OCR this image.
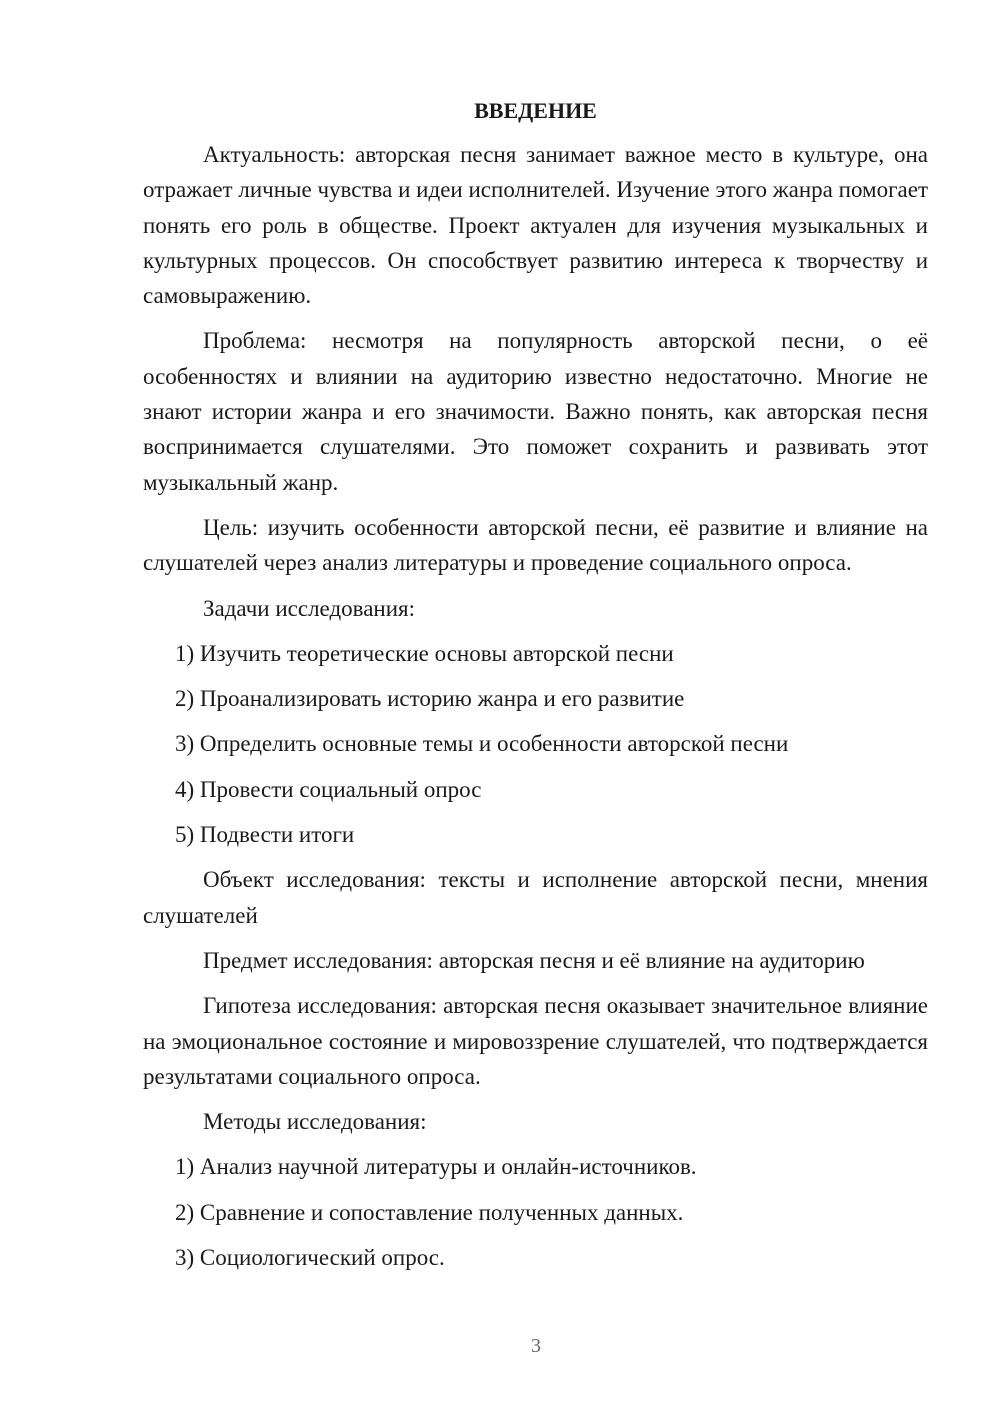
ВВЕДЕНИЕ

Актуальность: авторская песня занимает важное место в культуре, она отражает личные чувства и идеи исполнителей. Изучение этого жанра помогает понять его роль в обществе. Проект актуален для изучения музыкальных и культурных процессов. Он способствует развитию интереса к творчеству и самовыражению.

Проблема: несмотря на популярность авторской песни, о её особенностях и влиянии на аудиторию известно недостаточно. Многие не знают истории жанра и его значимости. Важно понять, как авторская песня воспринимается слушателями. Это поможет сохранить и развивать этот музыкальный жанр.

Цель: изучить особенности авторской песни, её развитие и влияние на слушателей через анализ литературы и проведение социального опроса.

Задачи исследования:

1) Изучить теоретические основы авторской песни

2) Проанализировать историю жанра и его развитие

3) Определить основные темы и особенности авторской песни

4) Провести социальный опрос

5) Подвести итоги

Объект исследования: тексты и исполнение авторской песни, мнения слушателей

Предмет исследования: авторская песня и её влияние на аудиторию

Гипотеза исследования: авторская песня оказывает значительное влияние на эмоциональное состояние и мировоззрение слушателей, что подтверждается результатами социального опроса.

Методы исследования:

1) Анализ научной литературы и онлайн-источников.

2) Сравнение и сопоставление полученных данных.

3) Социологический опрос.

3
